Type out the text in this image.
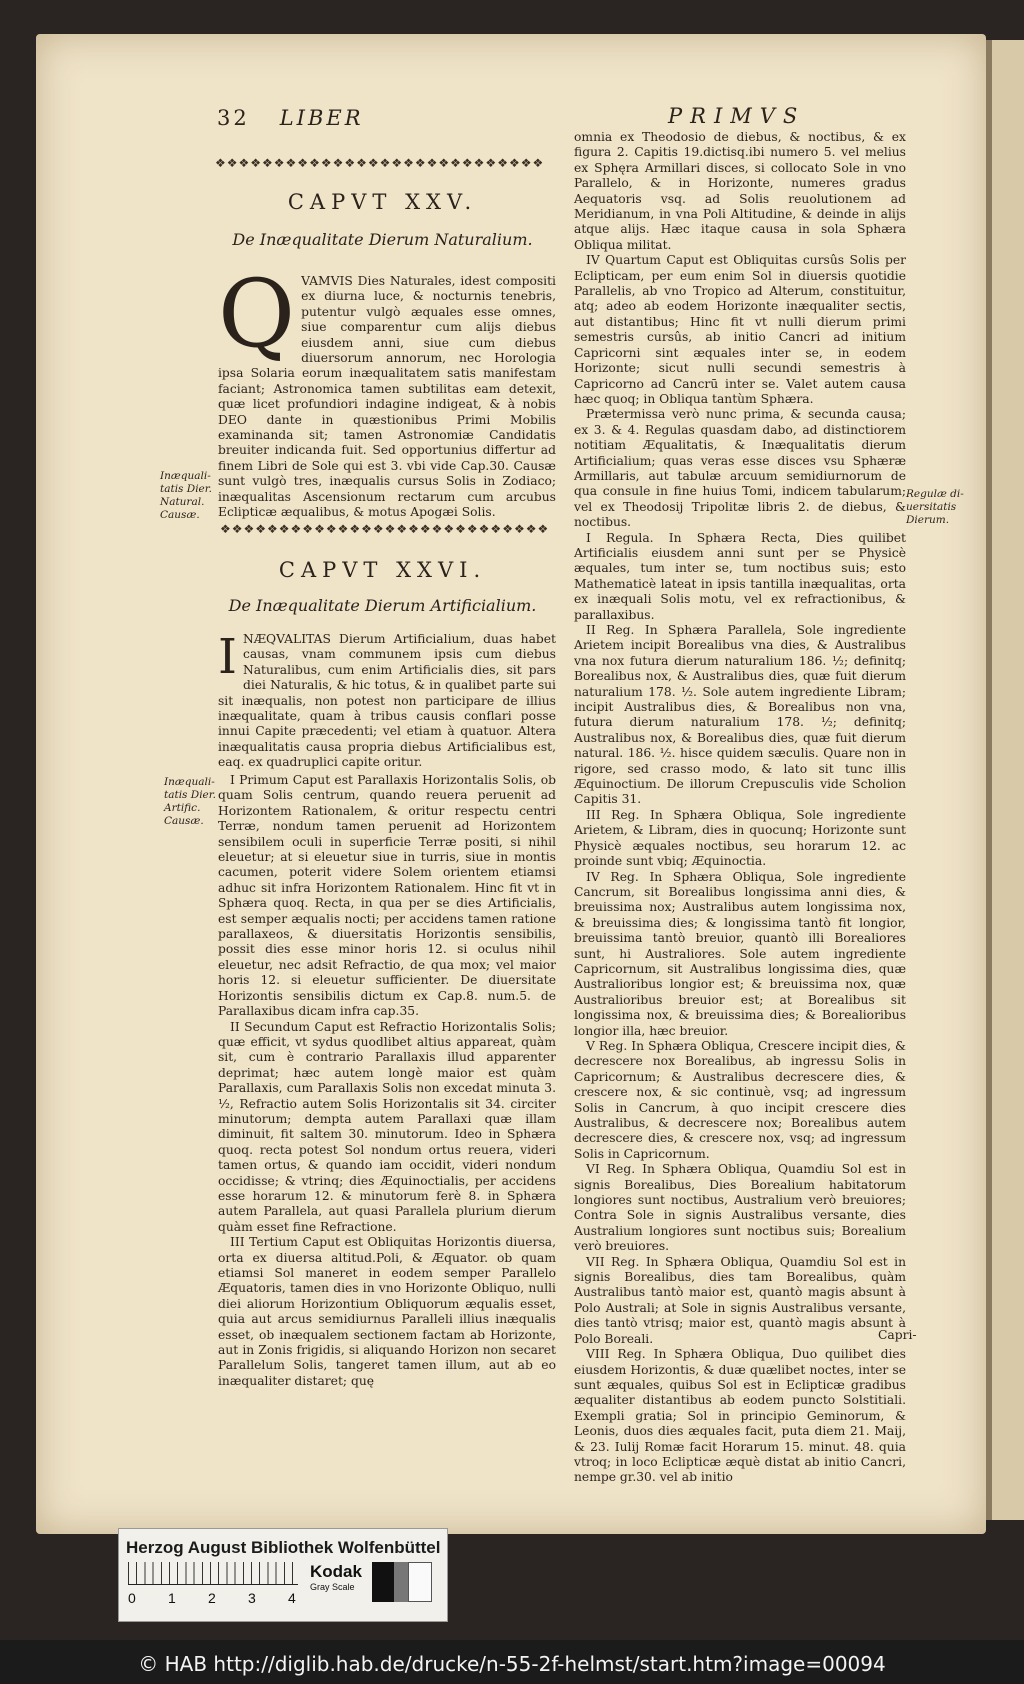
32 LIBER	PRIMVS
❖❖❖❖❖❖❖❖❖❖❖❖❖❖❖❖❖❖❖❖❖❖❖❖❖❖❖❖
CAPVT XXV.
De Inæqualitate Dierum Naturalium.
Q VAMVIS Dies Naturales, idest compositi ex diurna luce, & nocturnis tenebris, putentur vulgò æquales esse omnes, siue comparentur cum alijs diebus eiusdem anni, siue cum diebus diuersorum annorum, nec Horologia ipsa Solaria eorum inæqualitatem satis manifestam faciant; Astronomica tamen subtilitas eam detexit, quæ licet profundiori indagine indigeat, & à nobis DEO dante in quæstionibus Primi Mobilis examinanda sit; tamen Astronomiæ Candidatis breuiter indicanda fuit. Sed opportunius differtur ad finem Libri de Sole qui est 3. vbi vide Cap.30. Causæ sunt vulgò tres, inæqualis cursus Solis in Zodiaco; inæqualitas Ascensionum rectarum cum arcubus Eclipticæ æqualibus, & motus Apogæi Solis.

❖❖❖❖❖❖❖❖❖❖❖❖❖❖❖❖❖❖❖❖❖❖❖❖❖❖❖❖
CAPVT XXVI.
De Inæqualitate Dierum Artificialium.
I NÆQVALITAS Dierum Artificialium, duas habet causas, vnam communem ipsis cum diebus Naturalibus, cum enim Artificialis dies, sit pars diei Naturalis, & hic totus, & in qualibet parte sui sit inæqualis, non potest non participare de illius inæqualitate, quam à tribus causis conflari posse innui Capite præcedenti; vel etiam à quatuor. Altera inæqualitatis causa propria diebus Artificialibus est, eaq. ex quadruplici capite oritur.

I Primum Caput est Parallaxis Horizontalis Solis, ob quam Solis centrum, quando reuera peruenit ad Horizontem Rationalem, & oritur respectu centri Terræ, nondum tamen peruenit ad Horizontem sensibilem oculi in superficie Terræ positi, si nihil eleuetur; at si eleuetur siue in turris, siue in montis cacumen, poterit videre Solem orientem etiamsi adhuc sit infra Horizontem Rationalem. Hinc fit vt in Sphæra quoq. Recta, in qua per se dies Artificialis, est semper æqualis nocti; per accidens tamen ratione parallaxeos, & diuersitatis Horizontis sensibilis, possit dies esse minor horis 12. si oculus nihil eleuetur, nec adsit Refractio, de qua mox; vel maior horis 12. si eleuetur sufficienter. De diuersitate Horizontis sensibilis dictum ex Cap.8. num.5. de Parallaxibus dicam infra cap.35.

II Secundum Caput est Refractio Horizontalis Solis; quæ efficit, vt sydus quodlibet altius appareat, quàm sit, cum è contrario Parallaxis illud apparenter deprimat; hæc autem longè maior est quàm Parallaxis, cum Parallaxis Solis non excedat minuta 3. ½, Refractio autem Solis Horizontalis sit 34. circiter minutorum; dempta autem Parallaxi quæ illam diminuit, fit saltem 30. minutorum. Ideo in Sphæra quoq. recta potest Sol nondum ortus reuera, videri tamen ortus, & quando iam occidit, videri nondum occidisse; & vtrinq; dies Æquinoctialis, per accidens esse horarum 12. & minutorum ferè 8. in Sphæra autem Parallela, aut quasi Parallela plurium dierum quàm esset fine Refractione.

III Tertium Caput est Obliquitas Horizontis diuersa, orta ex diuersa altitud.Poli, & Æquator. ob quam etiamsi Sol maneret in eodem semper Parallelo Æquatoris, tamen dies in vno Horizonte Obliquo, nulli diei aliorum Horizontium Obliquorum æqualis esset, quia aut arcus semidiurnus Paralleli illius inæqualis esset, ob inæqualem sectionem factam ab Horizonte, aut in Zonis frigidis, si aliquando Horizon non secaret Parallelum Solis, tangeret tamen illum, aut ab eo inæqualiter distaret; quę

omnia ex Theodosio de diebus, & noctibus, & ex figura 2. Capitis 19.dictisq.ibi numero 5. vel melius ex Sphęra Armillari disces, si collocato Sole in vno Parallelo, & in Horizonte, numeres gradus Aequatoris vsq. ad Solis reuolutionem ad Meridianum, in vna Poli Altitudine, & deinde in alijs atque alijs. Hæc itaque causa in sola Sphæra Obliqua militat.

IV Quartum Caput est Obliquitas cursûs Solis per Eclipticam, per eum enim Sol in diuersis quotidie Parallelis, ab vno Tropico ad Alterum, constituitur, atq; adeo ab eodem Horizonte inæqualiter sectis, aut distantibus; Hinc fit vt nulli dierum primi semestris cursûs, ab initio Cancri ad initium Capricorni sint æquales inter se, in eodem Horizonte; sicut nulli secundi semestris à Capricorno ad Cancrū inter se. Valet autem causa hæc quoq; in Obliqua tantùm Sphæra.

Prætermissa verò nunc prima, & secunda causa; ex 3. & 4. Regulas quasdam dabo, ad distinctiorem notitiam Æqualitatis, & Inæqualitatis dierum Artificialium; quas veras esse disces vsu Sphæræ Armillaris, aut tabulæ arcuum semidiurnorum de qua consule in fine huius Tomi, indicem tabularum; vel ex Theodosij Tripolitæ libris 2. de diebus, & noctibus.

I Regula. In Sphæra Recta, Dies quilibet Artificialis eiusdem anni sunt per se Physicè æquales, tum inter se, tum noctibus suis; esto Mathematicè lateat in ipsis tantilla inæqualitas, orta ex inæquali Solis motu, vel ex refractionibus, & parallaxibus.

II Reg. In Sphæra Parallela, Sole ingrediente Arietem incipit Borealibus vna dies, & Australibus vna nox futura dierum naturalium 186. ½; definitq; Borealibus nox, & Australibus dies, quæ fuit dierum naturalium 178. ½. Sole autem ingrediente Libram; incipit Australibus dies, & Borealibus non vna, futura dierum naturalium 178. ½; definitq; Australibus nox, & Borealibus dies, quæ fuit dierum natural. 186. ½. hisce quidem sæculis. Quare non in rigore, sed crasso modo, & lato sit tunc illis Æquinoctium. De illorum Crepusculis vide Scholion Capitis 31.

III Reg. In Sphæra Obliqua, Sole ingrediente Arietem, & Libram, dies in quocunq; Horizonte sunt Physicè æquales noctibus, seu horarum 12. ac proinde sunt vbiq; Æquinoctia.

IV Reg. In Sphæra Obliqua, Sole ingrediente Cancrum, sit Borealibus longissima anni dies, & breuissima nox; Australibus autem longissima nox, & breuissima dies; & longissima tantò fit longior, breuissima tantò breuior, quantò illi Borealiores sunt, hi Australiores. Sole autem ingrediente Capricornum, sit Australibus longissima dies, quæ Australioribus longior est; & breuissima nox, quæ Australioribus breuior est; at Borealibus sit longissima nox, & breuissima dies; & Borealioribus longior illa, hæc breuior.

V Reg. In Sphæra Obliqua, Crescere incipit dies, & decrescere nox Borealibus, ab ingressu Solis in Capricornum; & Australibus decrescere dies, & crescere nox, & sic continuè, vsq; ad ingressum Solis in Cancrum, à quo incipit crescere dies Australibus, & decrescere nox; Borealibus autem decrescere dies, & crescere nox, vsq; ad ingressum Solis in Capricornum.

VI Reg. In Sphæra Obliqua, Quamdiu Sol est in signis Borealibus, Dies Borealium habitatorum longiores sunt noctibus, Australium verò breuiores; Contra Sole in signis Australibus versante, dies Australium longiores sunt noctibus suis; Borealium verò breuiores.

VII Reg. In Sphæra Obliqua, Quamdiu Sol est in signis Borealibus, dies tam Borealibus, quàm Australibus tantò maior est, quantò magis absunt à Polo Australi; at Sole in signis Australibus versante, dies tantò vtrisq; maior est, quantò magis absunt à Polo Boreali.

VIII Reg. In Sphæra Obliqua, Duo quilibet dies eiusdem Horizontis, & duæ quælibet noctes, inter se sunt æquales, quibus Sol est in Eclipticæ gradibus æqualiter distantibus ab eodem puncto Solstitiali. Exempli gratia; Sol in principio Geminorum, & Leonis, duos dies æquales facit, puta diem 21. Maij, & 23. Iulij Romæ facit Horarum 15. minut. 48. quia vtroq; in loco Eclipticæ æquè distat ab initio Cancri, nempe gr.30. vel ab initio

Capri-
Inæquali-tatis Dier. Natural. Causæ.
Inæquali-tatis Dier. Artific. Causæ.
Regulæ di-uersitatis Dierum.
Herzog August Bibliothek Wolfenbüttel
0 1 2 3 4
Kodak
Gray Scale
© HAB http://diglib.hab.de/drucke/n-55-2f-helmst/start.htm?image=00094
